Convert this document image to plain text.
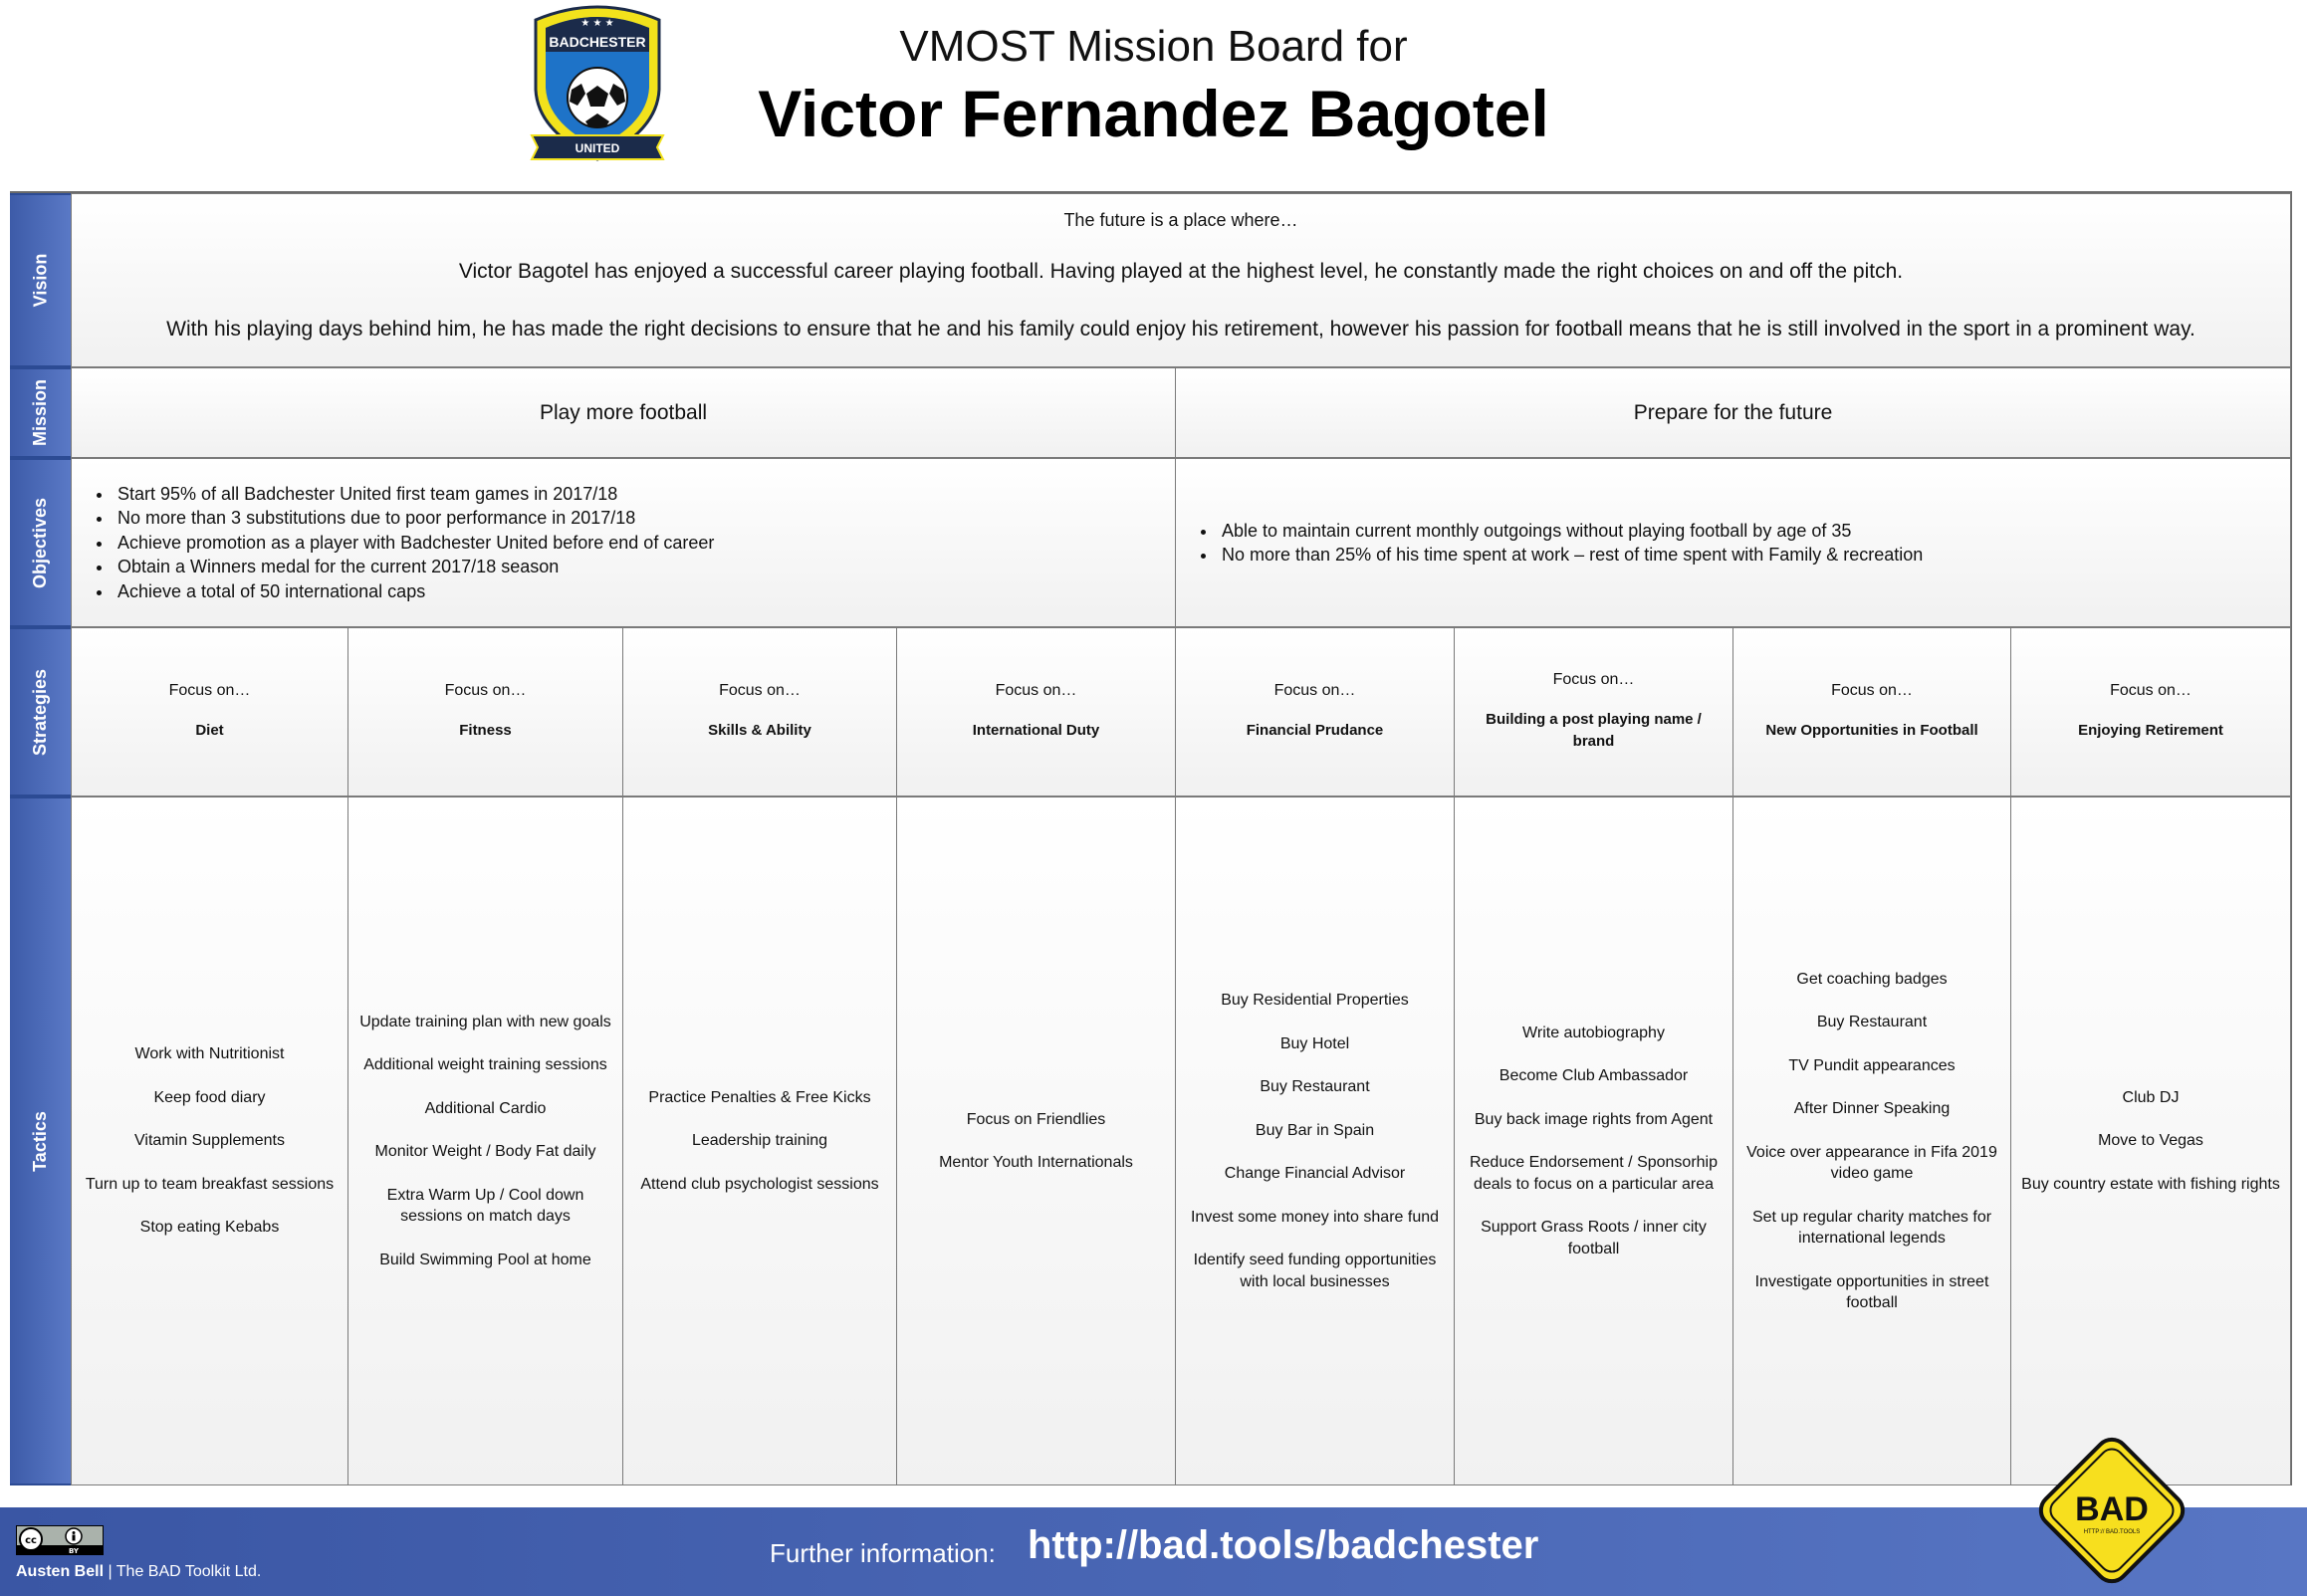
★ ★ ★
BADCHESTER
UNITED
VMOST Mission Board for
Victor Fernandez Bagotel
Vision
Mission
Objectives
Strategies
Tactics
The future is a place where…
Victor Bagotel has enjoyed a successful career playing football. Having played at the highest level, he constantly made the right choices on and off the pitch.
With his playing days behind him, he has made the right decisions to ensure that he and his family could enjoy his retirement, however his passion for football means that he is still involved in the sport in a prominent way.
Play more football	Prepare for the future
• Start 95% of all Badchester United first team games in 2017/18
• No more than 3 substitutions due to poor performance in 2017/18
• Achieve promotion as a player with Badchester United before end of career
• Obtain a Winners medal for the current 2017/18 season
• Achieve a total of 50 international caps
• Able to maintain current monthly outgoings without playing football by age of 35
• No more than 25% of his time spent at work – rest of time spent with Family & recreation
Focus on…
Diet
Focus on…
Fitness
Focus on…
Skills & Ability
Focus on…
International Duty
Focus on…
Financial Prudance
Focus on…
Building a post playing name / brand
Focus on…
New Opportunities in Football
Focus on…
Enjoying Retirement
Work with Nutritionist
Keep food diary
Vitamin Supplements
Turn up to team breakfast sessions
Stop eating Kebabs
Update training plan with new goals
Additional weight training sessions
Additional Cardio
Monitor Weight / Body Fat daily
Extra Warm Up / Cool down sessions on match days
Build Swimming Pool at home
Practice Penalties & Free Kicks
Leadership training
Attend club psychologist sessions
Focus on Friendlies
Mentor Youth Internationals
Buy Residential Properties
Buy Hotel
Buy Restaurant
Buy Bar in Spain
Change Financial Advisor
Invest some money into share fund
Identify seed funding opportunities with local businesses
Write autobiography
Become Club Ambassador
Buy back image rights from Agent
Reduce Endorsement / Sponsorhip deals to focus on a particular area
Support Grass Roots / inner city football
Get coaching badges
Buy Restaurant
TV Pundit appearances
After Dinner Speaking
Voice over appearance in Fifa 2019 video game
Set up regular charity matches for international legends
Investigate opportunities in street football
Club DJ
Move to Vegas
Buy country estate with fishing rights
cc
BY
Austen Bell | The BAD Toolkit Ltd.
Further information: http://bad.tools/badchester
BAD
HTTP:// BAD.TOOLS
